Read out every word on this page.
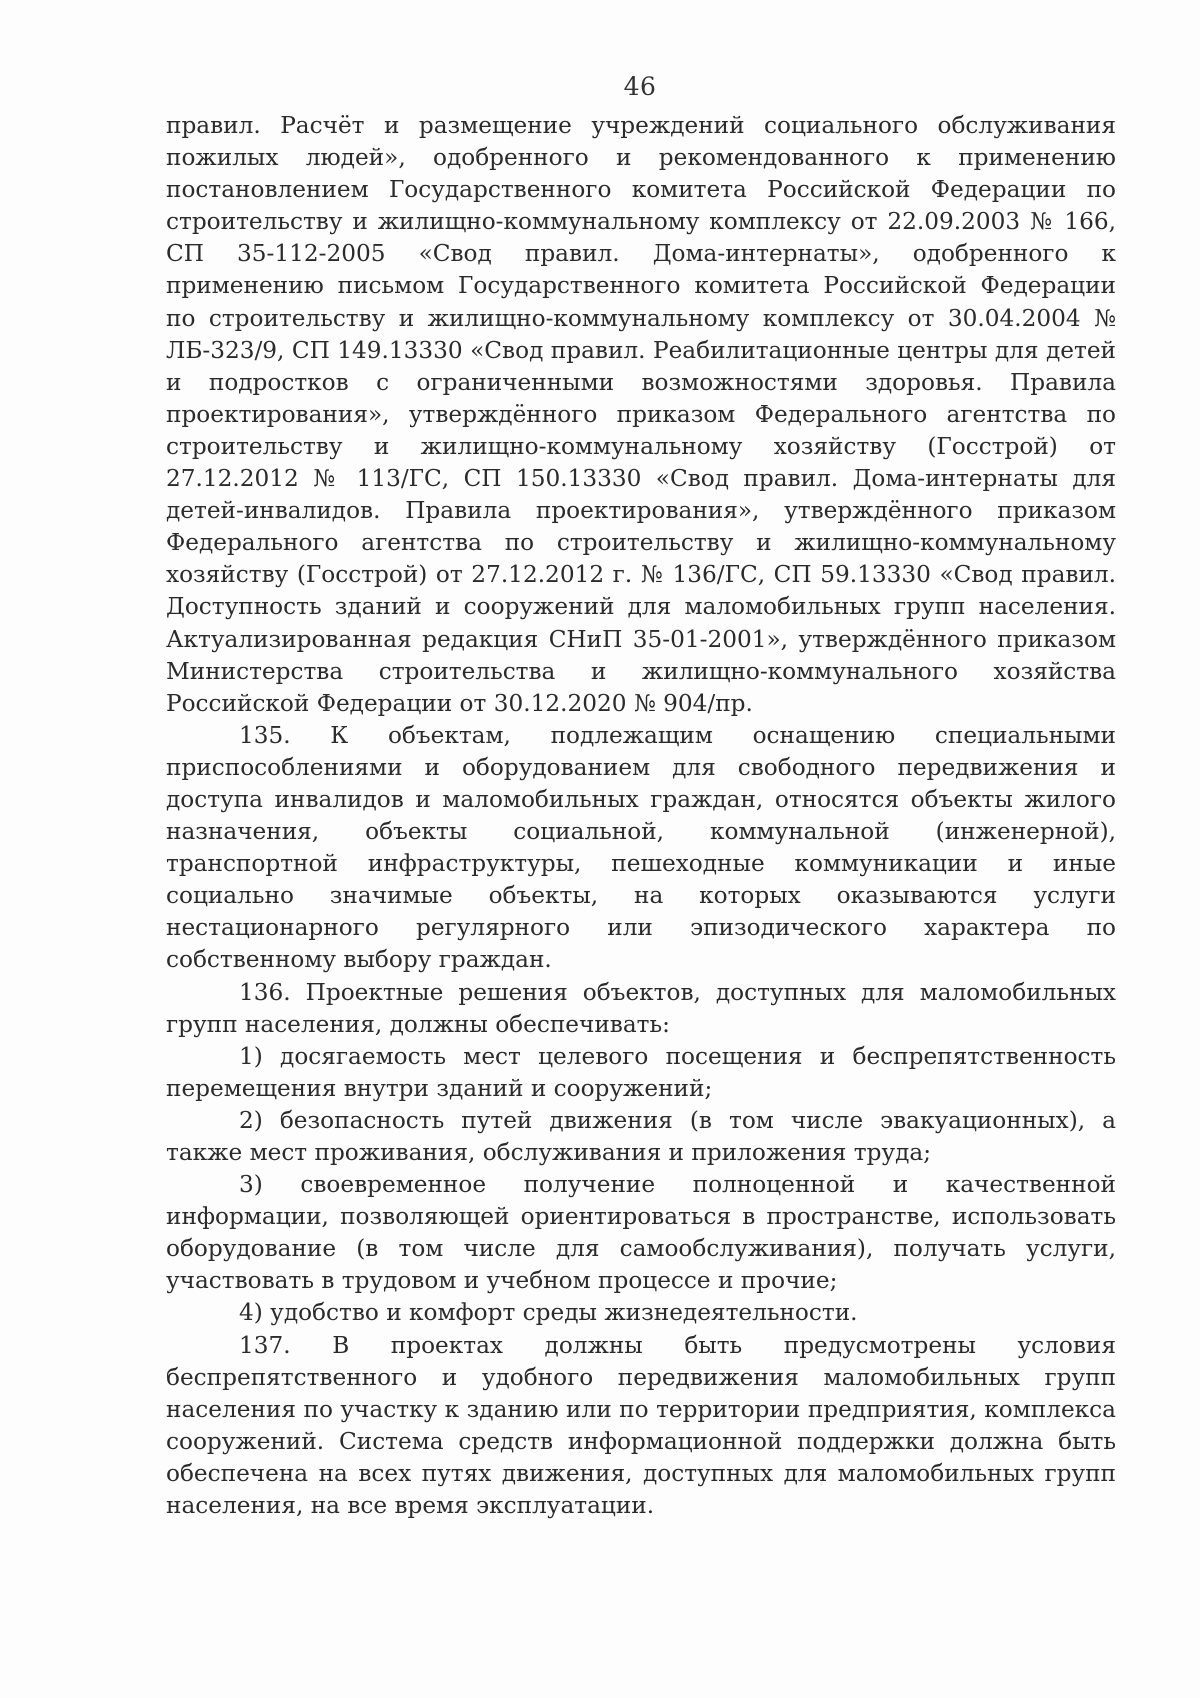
46

правил. Расчёт и размещение учреждений социального обслуживания пожилых людей», одобренного и рекомендованного к применению постановлением Государственного комитета Российской Федерации по строительству и жилищно-коммунальному комплексу от 22.09.2003 № 166, СП 35-112-2005 «Свод правил. Дома-интернаты», одобренного к применению письмом Государственного комитета Российской Федерации по строительству и жилищно-коммунальному комплексу от 30.04.2004 № ЛБ-323/9, СП 149.13330 «Свод правил. Реабилитационные центры для детей и подростков с ограниченными возможностями здоровья. Правила проектирования», утверждённого приказом Федерального агентства по строительству и жилищно-коммунальному хозяйству (Госстрой) от 27.12.2012 № 113/ГС, СП 150.13330 «Свод правил. Дома-интернаты для детей-инвалидов. Правила проектирования», утверждённого приказом Федерального агентства по строительству и жилищно-коммунальному хозяйству (Госстрой) от 27.12.2012 г. № 136/ГС, СП 59.13330 «Свод правил. Доступность зданий и сооружений для маломобильных групп населения. Актуализированная редакция СНиП 35-01-2001», утверждённого приказом Министерства строительства и жилищно-коммунального хозяйства Российской Федерации от 30.12.2020 № 904/пр.

135. К объектам, подлежащим оснащению специальными приспособлениями и оборудованием для свободного передвижения и доступа инвалидов и маломобильных граждан, относятся объекты жилого назначения, объекты социальной, коммунальной (инженерной), транспортной инфраструктуры, пешеходные коммуникации и иные социально значимые объекты, на которых оказываются услуги нестационарного регулярного или эпизодического характера по собственному выбору граждан.

136. Проектные решения объектов, доступных для маломобильных групп населения, должны обеспечивать:

1) досягаемость мест целевого посещения и беспрепятственность перемещения внутри зданий и сооружений;

2) безопасность путей движения (в том числе эвакуационных), а также мест проживания, обслуживания и приложения труда;

3) своевременное получение полноценной и качественной информации, позволяющей ориентироваться в пространстве, использовать оборудование (в том числе для самообслуживания), получать услуги, участвовать в трудовом и учебном процессе и прочие;

4) удобство и комфорт среды жизнедеятельности.

137. В проектах должны быть предусмотрены условия беспрепятственного и удобного передвижения маломобильных групп населения по участку к зданию или по территории предприятия, комплекса сооружений. Система средств информационной поддержки должна быть обеспечена на всех путях движения, доступных для маломобильных групп населения, на все время эксплуатации.
